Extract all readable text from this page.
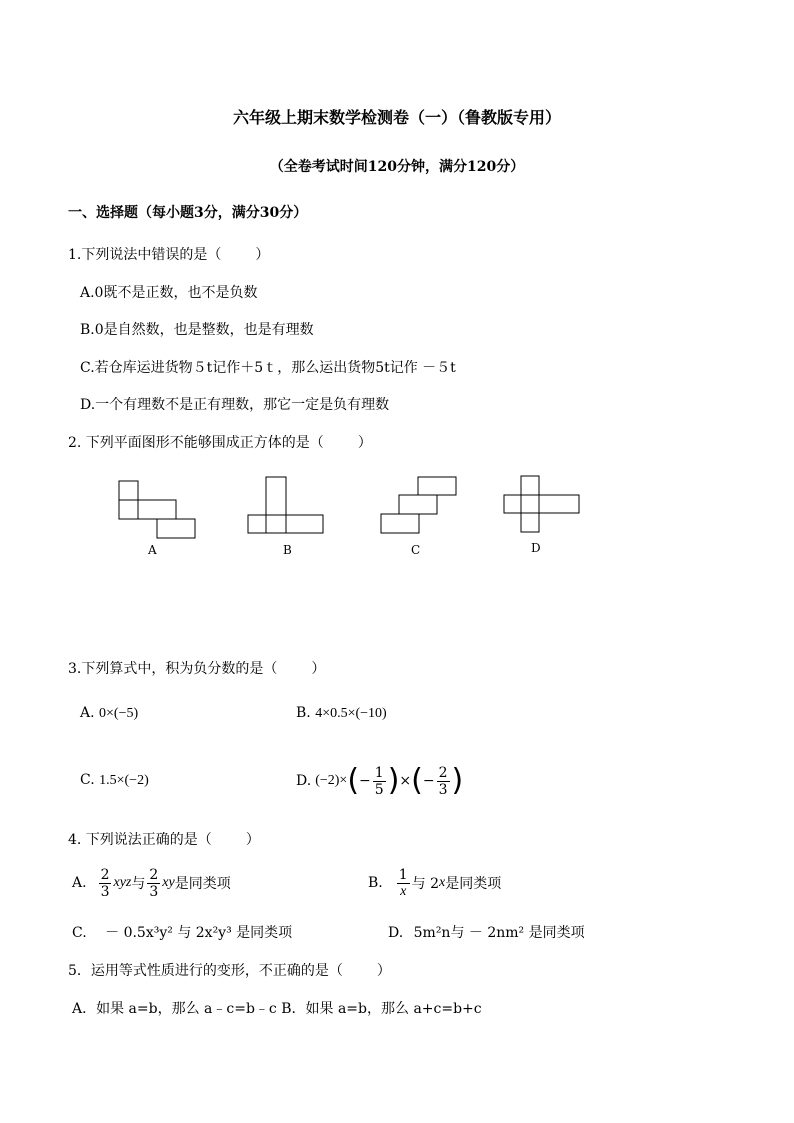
六年级上期末数学检测卷（一）（鲁教版专用）
（全卷考试时间120分钟，满分120分）
一、选择题（每小题3分，满分30分）
1.下列说法中错误的是（ ）
A.0既不是正数，也不是负数
B.0是自然数，也是整数，也是有理数
C.若仓库运进货物５t记作＋5ｔ，那么运出货物5t记作 －５t
D.一个有理数不是正有理数，那它一定是负有理数
2. 下列平面图形不能够围成正方体的是（ ）
A	B	C	D
3.下列算式中，积为负分数的是（ ）
A. 0×(−5)	B. 4×0.5×(−10)
C. 1.5×(−2)	D. (−2)× ( − $\frac{1}{5}$ ) × ( − $\frac{2}{3}$ )
4. 下列说法正确的是（ ）
A. $\frac{2}{3}$ xyz 与 $\frac{2}{3}$ xy 是同类项	B. $\frac{1}{x}$ 与 2 x 是同类项
C. － 0.5x³y² 与 2x²y³ 是同类项	D. 5m²n与 － 2nm² 是同类项
5．运用等式性质进行的变形，不正确的是（ ）
A．如果 a=b，那么 a﹣c=b﹣c B．如果 a=b，那么 a+c=b+c
